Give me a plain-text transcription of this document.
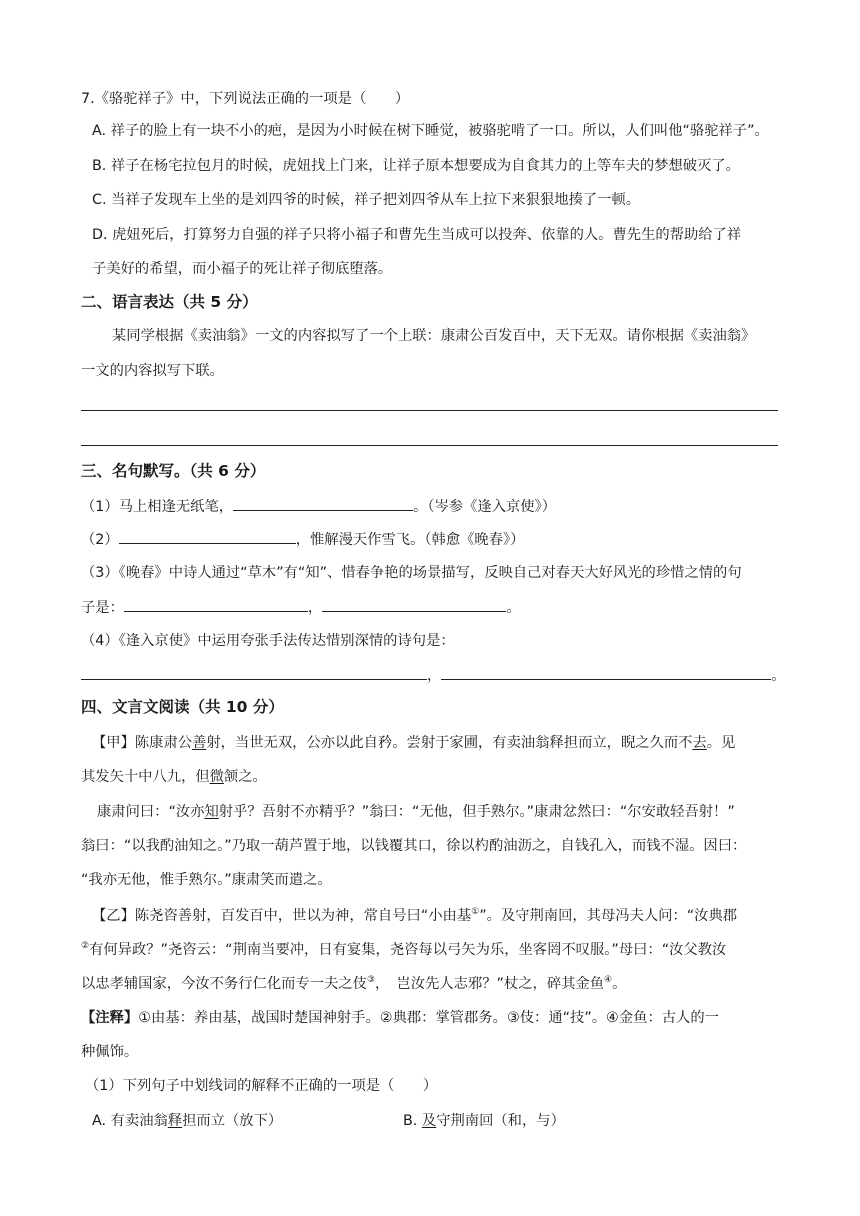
7.《骆驼祥子》中，下列说法正确的一项是（　　）
A. 祥子的脸上有一块不小的疤，是因为小时候在树下睡觉，被骆驼啃了一口。所以，人们叫他“骆驼祥子”。
B. 祥子在杨宅拉包月的时候，虎妞找上门来，让祥子原本想要成为自食其力的上等车夫的梦想破灭了。
C. 当祥子发现车上坐的是刘四爷的时候，祥子把刘四爷从车上拉下来狠狠地揍了一顿。
D. 虎妞死后，打算努力自强的祥子只将小福子和曹先生当成可以投奔、依靠的人。曹先生的帮助给了祥
子美好的希望，而小福子的死让祥子彻底堕落。
二、语言表达（共 5 分）
某同学根据《卖油翁》一文的内容拟写了一个上联：康肃公百发百中，天下无双。请你根据《卖油翁》
一文的内容拟写下联。
三、名句默写。（共 6 分）
（1）马上相逢无纸笔，	。（岑参《逢入京使》）
（2）	，惟解漫天作雪飞。（韩愈《晚春》）
（3）《晚春》中诗人通过“草木”有“知”、惜春争艳的场景描写，反映自己对春天大好风光的珍惜之情的句
子是：	，	。
（4）《逢入京使》中运用夸张手法传达惜别深情的诗句是：
，	。
四、文言文阅读（共 10 分）
【甲】陈康肃公善射，当世无双，公亦以此自矜。尝射于家圃，有卖油翁释担而立，睨之久而不去。见
其发矢十中八九，但微颔之。
康肃问曰：“汝亦知射乎？吾射不亦精乎？”翁曰：“无他，但手熟尔。”康肃忿然曰：“尔安敢轻吾射！”
翁曰：“以我酌油知之。”乃取一葫芦置于地，以钱覆其口，徐以杓酌油沥之，自钱孔入，而钱不湿。因曰：
“我亦无他，惟手熟尔。”康肃笑而遣之。
【乙】陈尧咨善射，百发百中，世以为神，常自号曰“小由基①”。及守荆南回，其母冯夫人问：“汝典郡
②有何异政？”尧咨云：“荆南当要冲，日有宴集，尧咨每以弓矢为乐，坐客罔不叹服。”母曰：“汝父教汝
以忠孝辅国家，今汝不务行仁化而专一夫之伎③，　岂汝先人志邪？”杖之，碎其金鱼④。
【注释】①由基：养由基，战国时楚国神射手。②典郡：掌管郡务。③伎：通“技”。④金鱼：古人的一
种佩饰。
（1）下列句子中划线词的解释不正确的一项是（　　）
A. 有卖油翁释担而立（放下）	B. 及守荆南回（和，与）
